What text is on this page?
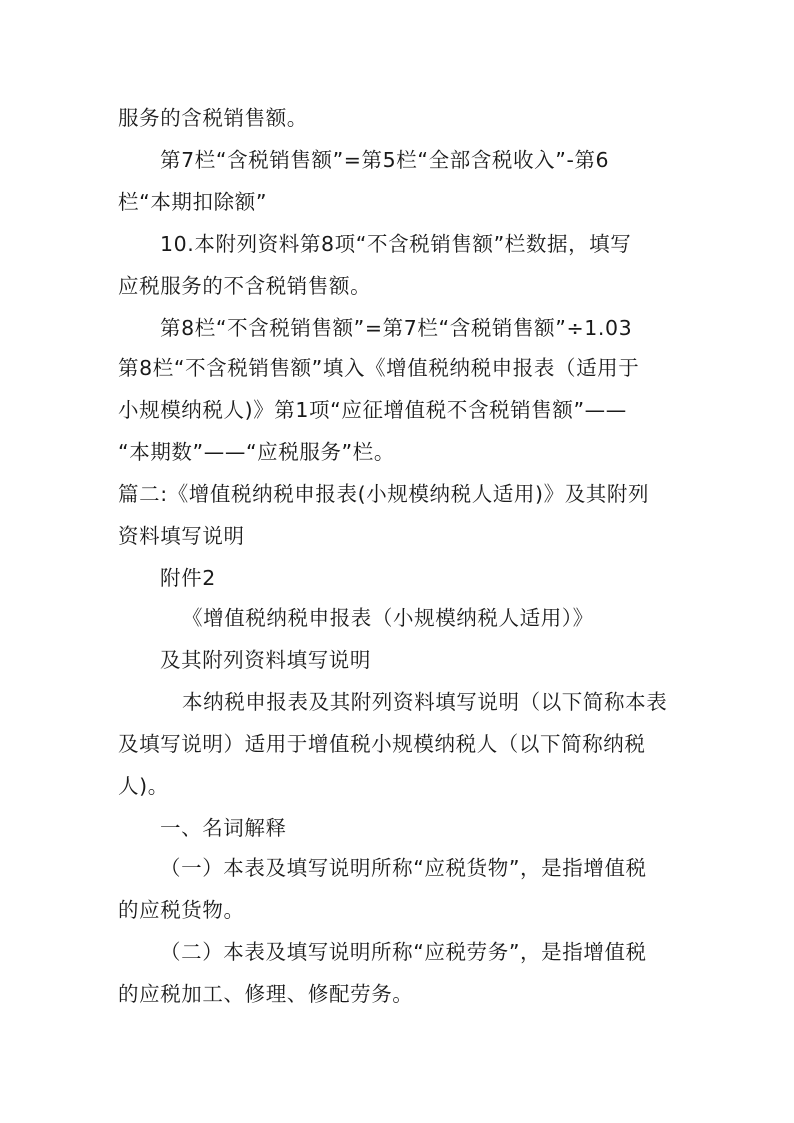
服务的含税销售额。
第7栏“含税销售额”=第5栏“全部含税收入”-第6
栏“本期扣除额”
10.本附列资料第8项“不含税销售额”栏数据，填写
应税服务的不含税销售额。
第8栏“不含税销售额”=第7栏“含税销售额”÷1.03
第8栏“不含税销售额”填入《增值税纳税申报表（适用于
小规模纳税人)》第1项“应征增值税不含税销售额”——
“本期数”——“应税服务”栏。
篇二:《增值税纳税申报表(小规模纳税人适用)》及其附列
资料填写说明
附件2
《增值税纳税申报表（小规模纳税人适用）》
及其附列资料填写说明
本纳税申报表及其附列资料填写说明（以下简称本表
及填写说明）适用于增值税小规模纳税人（以下简称纳税
人)。
一、名词解释
（一）本表及填写说明所称“应税货物”，是指增值税
的应税货物。
（二）本表及填写说明所称“应税劳务”，是指增值税
的应税加工、修理、修配劳务。
